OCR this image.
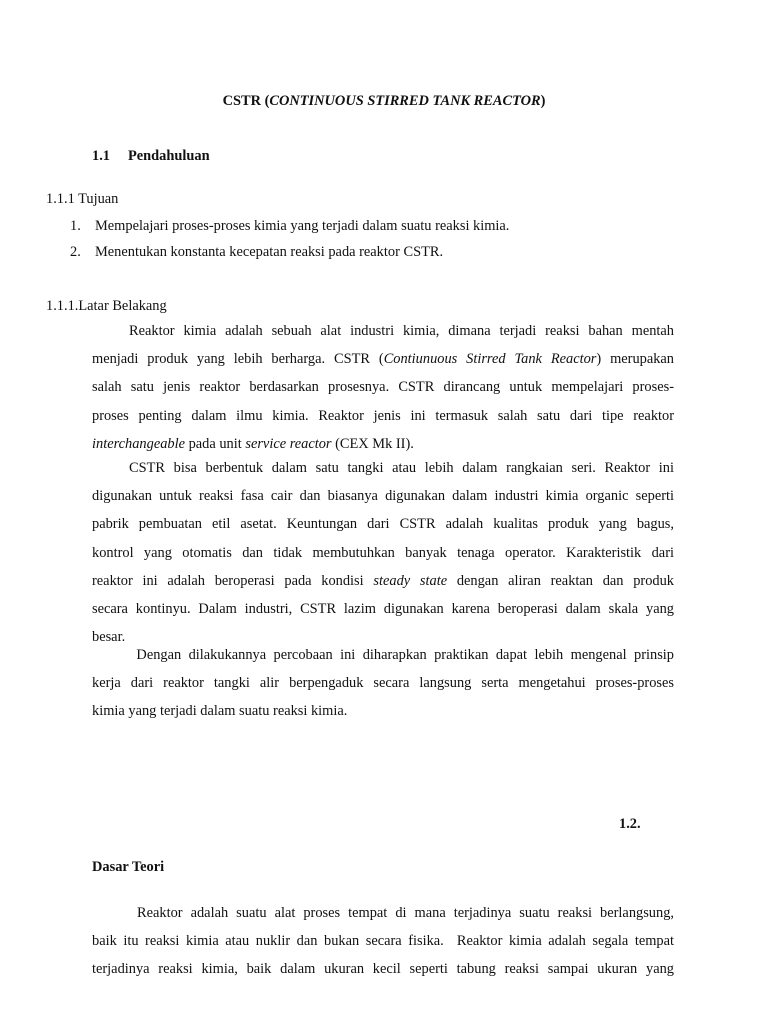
CSTR (CONTINUOUS STIRRED TANK REACTOR)
1.1 Pendahuluan
1.1.1 Tujuan
1. Mempelajari proses-proses kimia yang terjadi dalam suatu reaksi kimia.
2. Menentukan konstanta kecepatan reaksi pada reaktor CSTR.
1.1.1.Latar Belakang
Reaktor kimia adalah sebuah alat industri kimia, dimana terjadi reaksi bahan mentah
menjadi produk yang lebih berharga. CSTR (Contiunuous Stirred Tank Reactor) merupakan
salah satu jenis reaktor berdasarkan prosesnya. CSTR dirancang untuk mempelajari proses-
proses penting dalam ilmu kimia. Reaktor jenis ini termasuk salah satu dari tipe reaktor
interchangeable pada unit service reactor (CEX Mk II).
CSTR bisa berbentuk dalam satu tangki atau lebih dalam rangkaian seri. Reaktor ini
digunakan untuk reaksi fasa cair dan biasanya digunakan dalam industri kimia organic seperti
pabrik pembuatan etil asetat. Keuntungan dari CSTR adalah kualitas produk yang bagus,
kontrol yang otomatis dan tidak membutuhkan banyak tenaga operator. Karakteristik dari
reaktor ini adalah beroperasi pada kondisi steady state dengan aliran reaktan dan produk
secara kontinyu. Dalam industri, CSTR lazim digunakan karena beroperasi dalam skala yang
besar.
Dengan dilakukannya percobaan ini diharapkan praktikan dapat lebih mengenal prinsip
kerja dari reaktor tangki alir berpengaduk secara langsung serta mengetahui proses-proses
kimia yang terjadi dalam suatu reaksi kimia.
1.2.
Dasar Teori
Reaktor adalah suatu alat proses tempat di mana terjadinya suatu reaksi berlangsung,
baik itu reaksi kimia atau nuklir dan bukan secara fisika.  Reaktor kimia adalah segala tempat
terjadinya reaksi kimia, baik dalam ukuran kecil seperti tabung reaksi sampai ukuran yang
